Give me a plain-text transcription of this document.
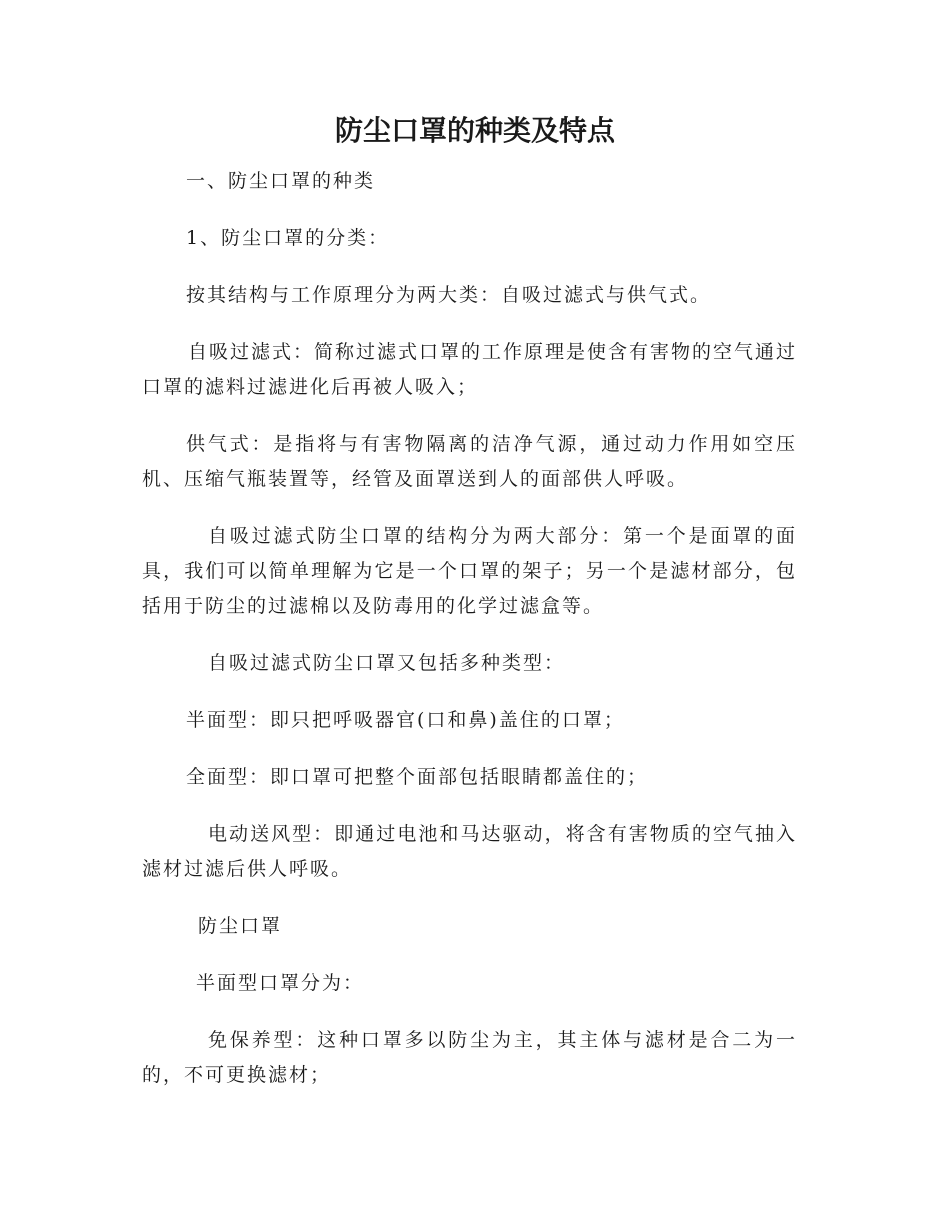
防尘口罩的种类及特点

一、防尘口罩的种类

1、防尘口罩的分类：

按其结构与工作原理分为两大类：自吸过滤式与供气式。

自吸过滤式：简称过滤式口罩的工作原理是使含有害物的空气通过口罩的滤料过滤进化后再被人吸入；

供气式：是指将与有害物隔离的洁净气源，通过动力作用如空压机、压缩气瓶装置等，经管及面罩送到人的面部供人呼吸。

自吸过滤式防尘口罩的结构分为两大部分：第一个是面罩的面具，我们可以简单理解为它是一个口罩的架子；另一个是滤材部分，包括用于防尘的过滤棉以及防毒用的化学过滤盒等。

自吸过滤式防尘口罩又包括多种类型：

半面型：即只把呼吸器官(口和鼻)盖住的口罩；

全面型：即口罩可把整个面部包括眼睛都盖住的；

电动送风型：即通过电池和马达驱动，将含有害物质的空气抽入滤材过滤后供人呼吸。

防尘口罩

半面型口罩分为：

免保养型：这种口罩多以防尘为主，其主体与滤材是合二为一的，不可更换滤材；
